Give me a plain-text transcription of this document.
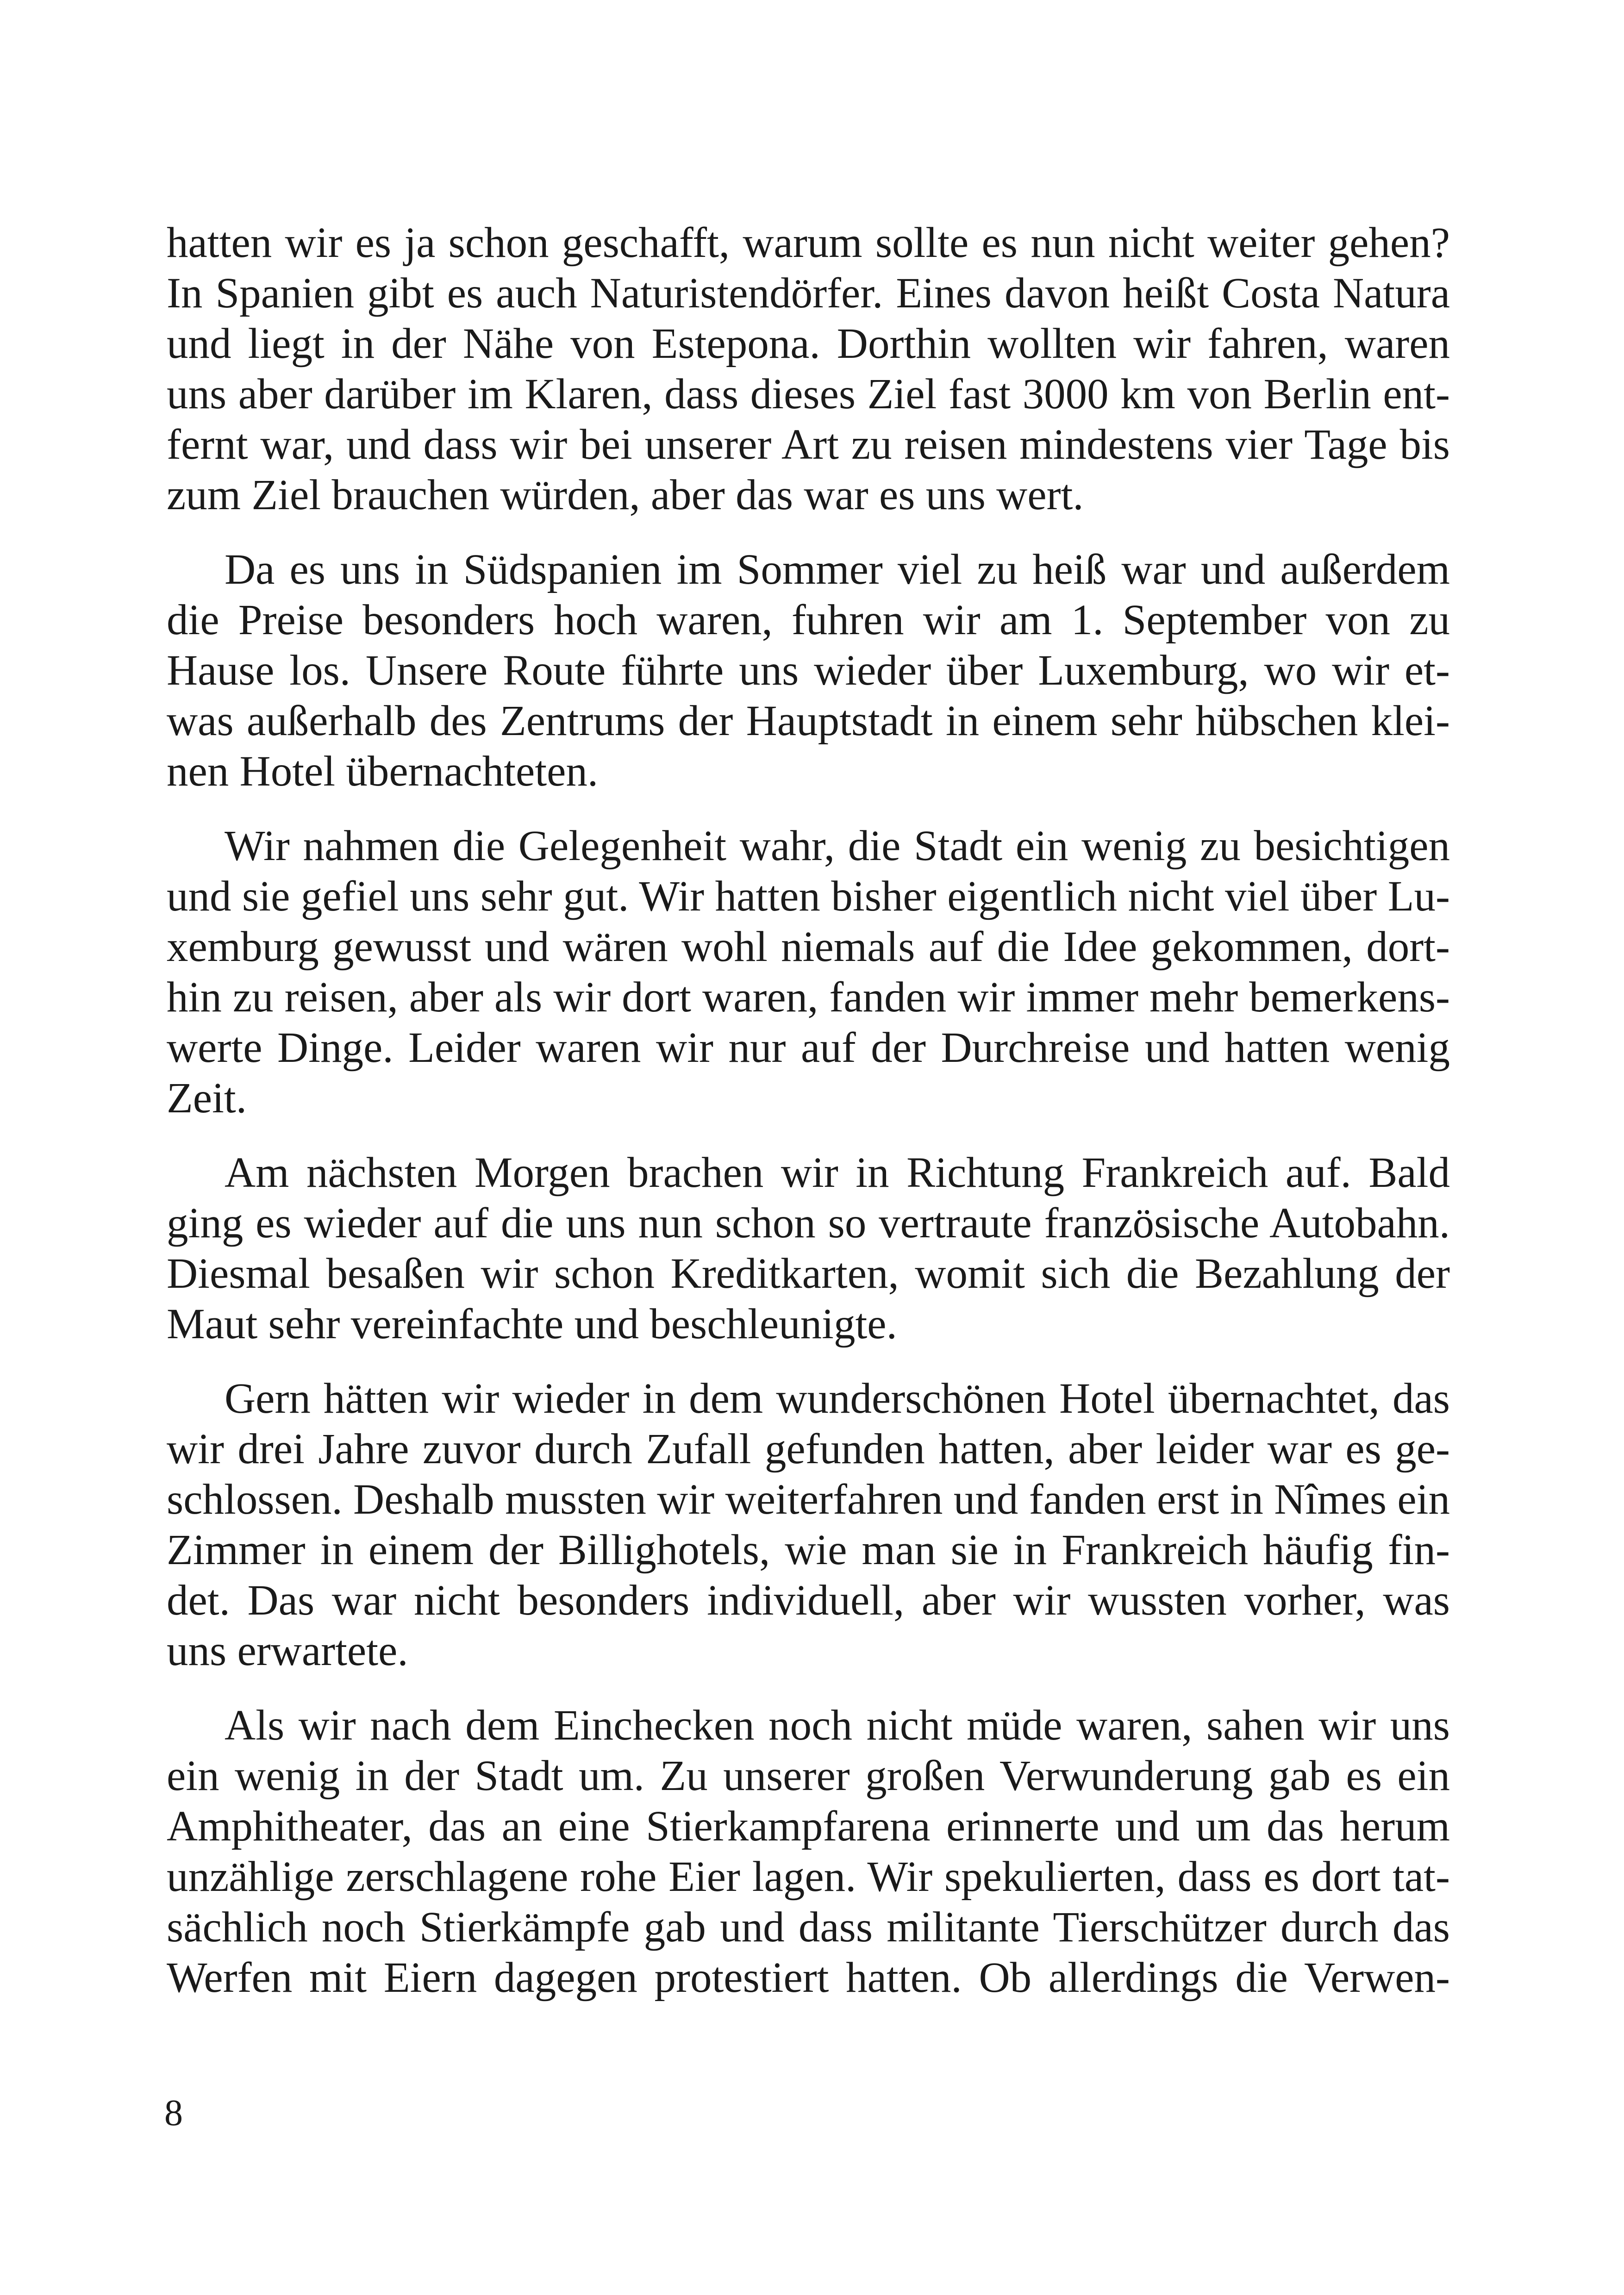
hatten wir es ja schon geschafft, warum sollte es nun nicht weiter gehen?
In Spanien gibt es auch Naturistendörfer. Eines davon heißt Costa Natura
und liegt in der Nähe von Estepona. Dorthin wollten wir fahren, waren
uns aber darüber im Klaren, dass dieses Ziel fast 3000 km von Berlin ent-
fernt war, und dass wir bei unserer Art zu reisen mindestens vier Tage bis
zum Ziel brauchen würden, aber das war es uns wert.
Da es uns in Südspanien im Sommer viel zu heiß war und außerdem
die Preise besonders hoch waren, fuhren wir am 1. September von zu
Hause los. Unsere Route führte uns wieder über Luxemburg, wo wir et-
was außerhalb des Zentrums der Hauptstadt in einem sehr hübschen klei-
nen Hotel übernachteten.
Wir nahmen die Gelegenheit wahr, die Stadt ein wenig zu besichtigen
und sie gefiel uns sehr gut. Wir hatten bisher eigentlich nicht viel über Lu-
xemburg gewusst und wären wohl niemals auf die Idee gekommen, dort-
hin zu reisen, aber als wir dort waren, fanden wir immer mehr bemerkens-
werte Dinge. Leider waren wir nur auf der Durchreise und hatten wenig
Zeit.
Am nächsten Morgen brachen wir in Richtung Frankreich auf. Bald
ging es wieder auf die uns nun schon so vertraute französische Autobahn.
Diesmal besaßen wir schon Kreditkarten, womit sich die Bezahlung der
Maut sehr vereinfachte und beschleunigte.
Gern hätten wir wieder in dem wunderschönen Hotel übernachtet, das
wir drei Jahre zuvor durch Zufall gefunden hatten, aber leider war es ge-
schlossen. Deshalb mussten wir weiterfahren und fanden erst in Nîmes ein
Zimmer in einem der Billighotels, wie man sie in Frankreich häufig fin-
det. Das war nicht besonders individuell, aber wir wussten vorher, was
uns erwartete.
Als wir nach dem Einchecken noch nicht müde waren, sahen wir uns
ein wenig in der Stadt um. Zu unserer großen Verwunderung gab es ein
Amphitheater, das an eine Stierkampfarena erinnerte und um das herum
unzählige zerschlagene rohe Eier lagen. Wir spekulierten, dass es dort tat-
sächlich noch Stierkämpfe gab und dass militante Tierschützer durch das
Werfen mit Eiern dagegen protestiert hatten. Ob allerdings die Verwen-
8
